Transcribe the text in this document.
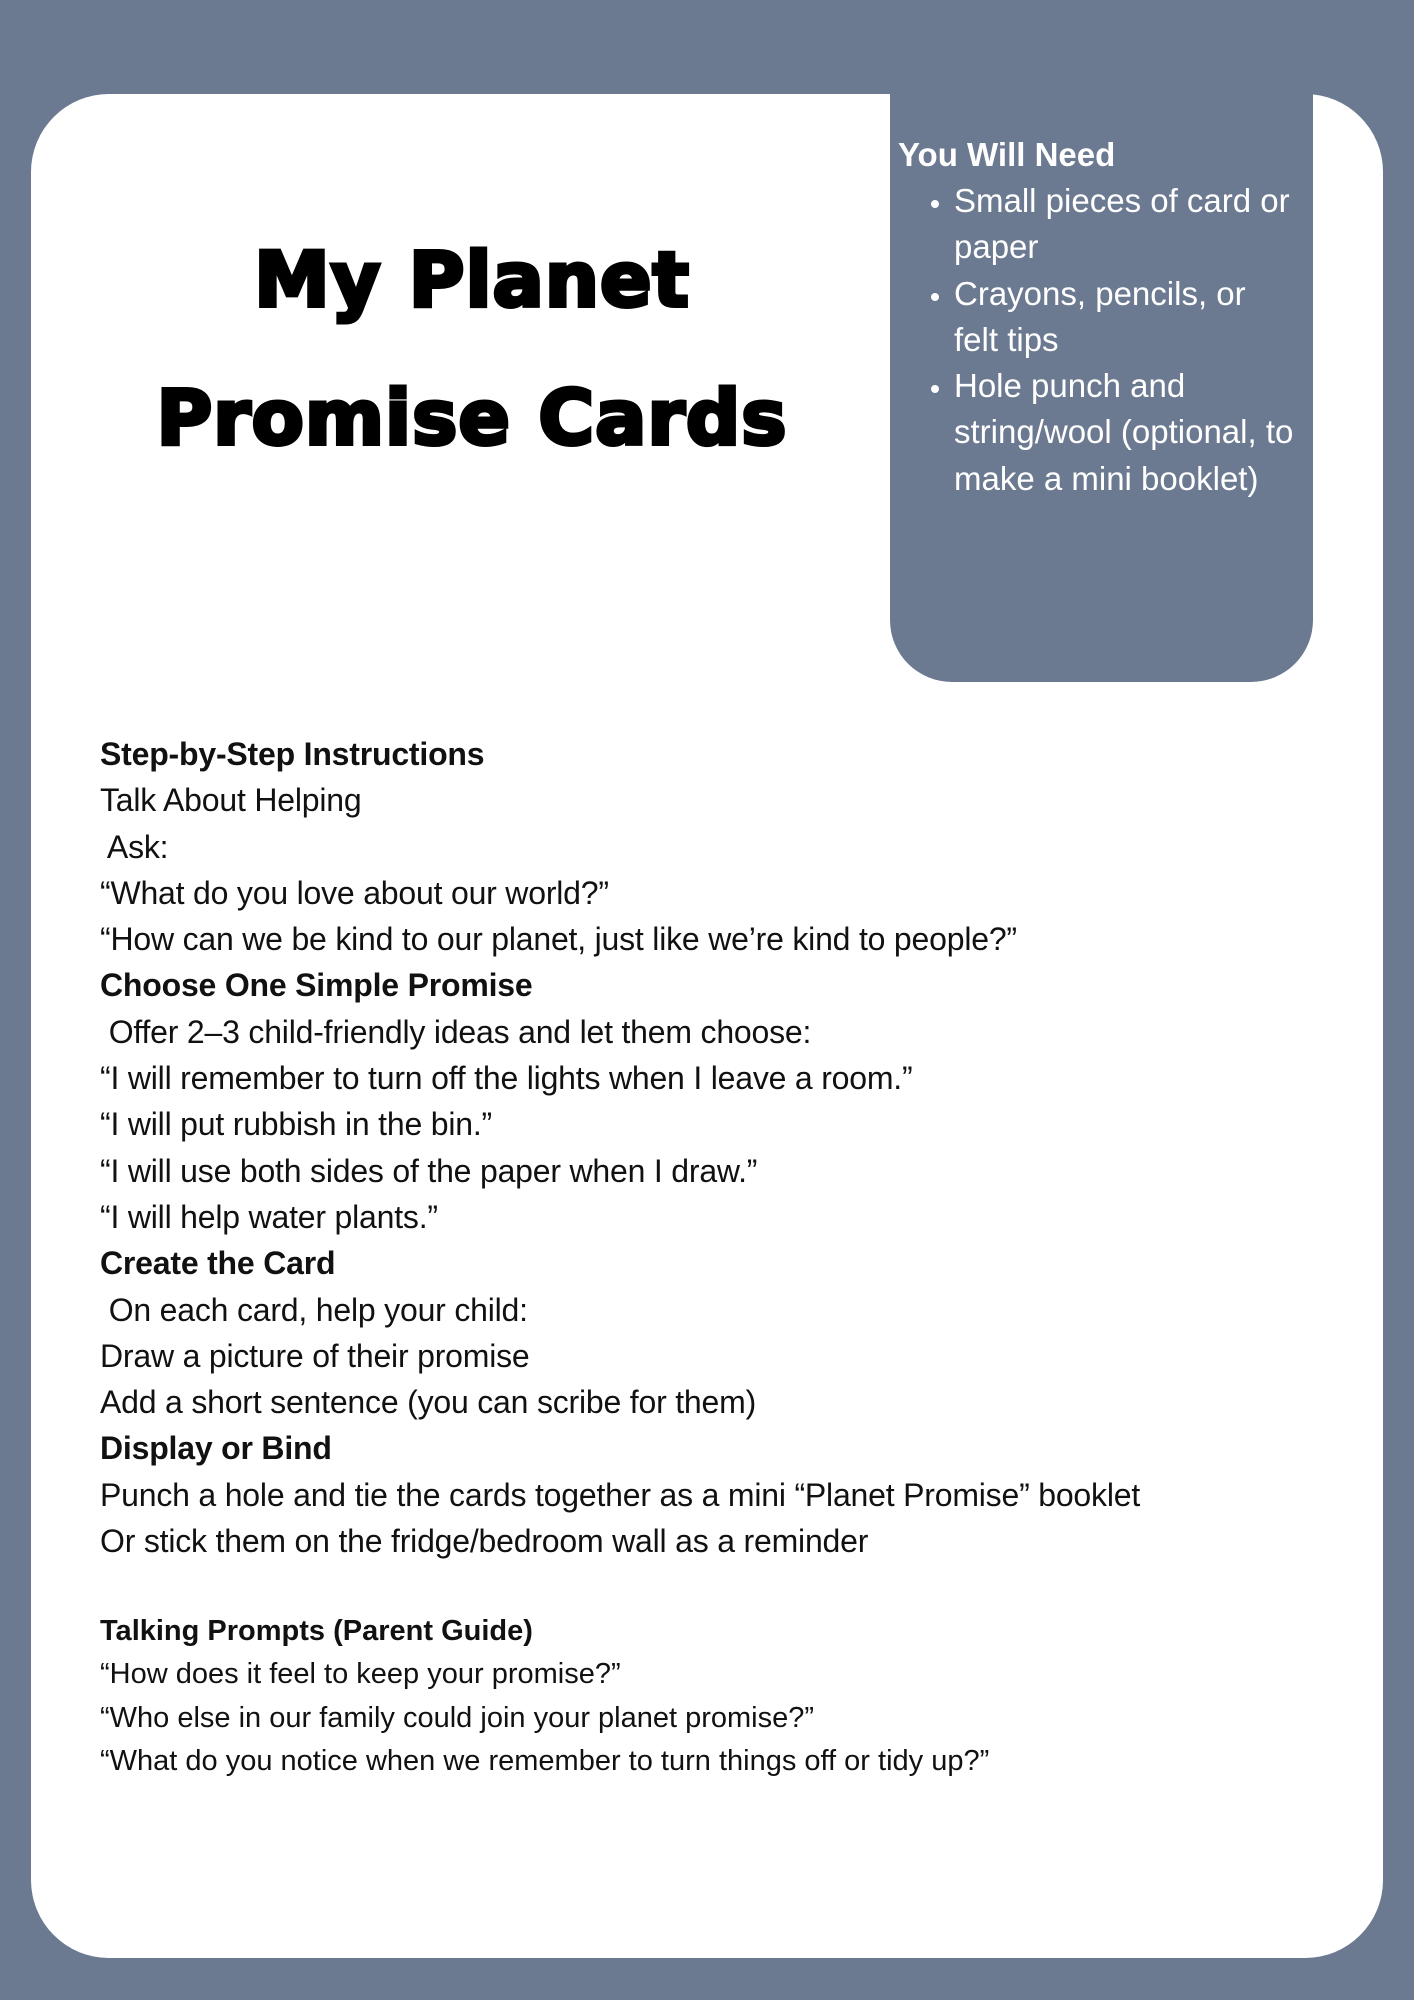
My Planet
Promise Cards
You Will Need
• Small pieces of card or paper
• Crayons, pencils, or felt tips
• Hole punch and string/wool (optional, to make a mini booklet)
Step-by-Step Instructions
Talk About Helping
Ask:
“What do you love about our world?”
“How can we be kind to our planet, just like we’re kind to people?”
Choose One Simple Promise
Offer 2–3 child-friendly ideas and let them choose:
“I will remember to turn off the lights when I leave a room.”
“I will put rubbish in the bin.”
“I will use both sides of the paper when I draw.”
“I will help water plants.”
Create the Card
On each card, help your child:
Draw a picture of their promise
Add a short sentence (you can scribe for them)
Display or Bind
Punch a hole and tie the cards together as a mini “Planet Promise” booklet
Or stick them on the fridge/bedroom wall as a reminder
Talking Prompts (Parent Guide)
“How does it feel to keep your promise?”
“Who else in our family could join your planet promise?”
“What do you notice when we remember to turn things off or tidy up?”
